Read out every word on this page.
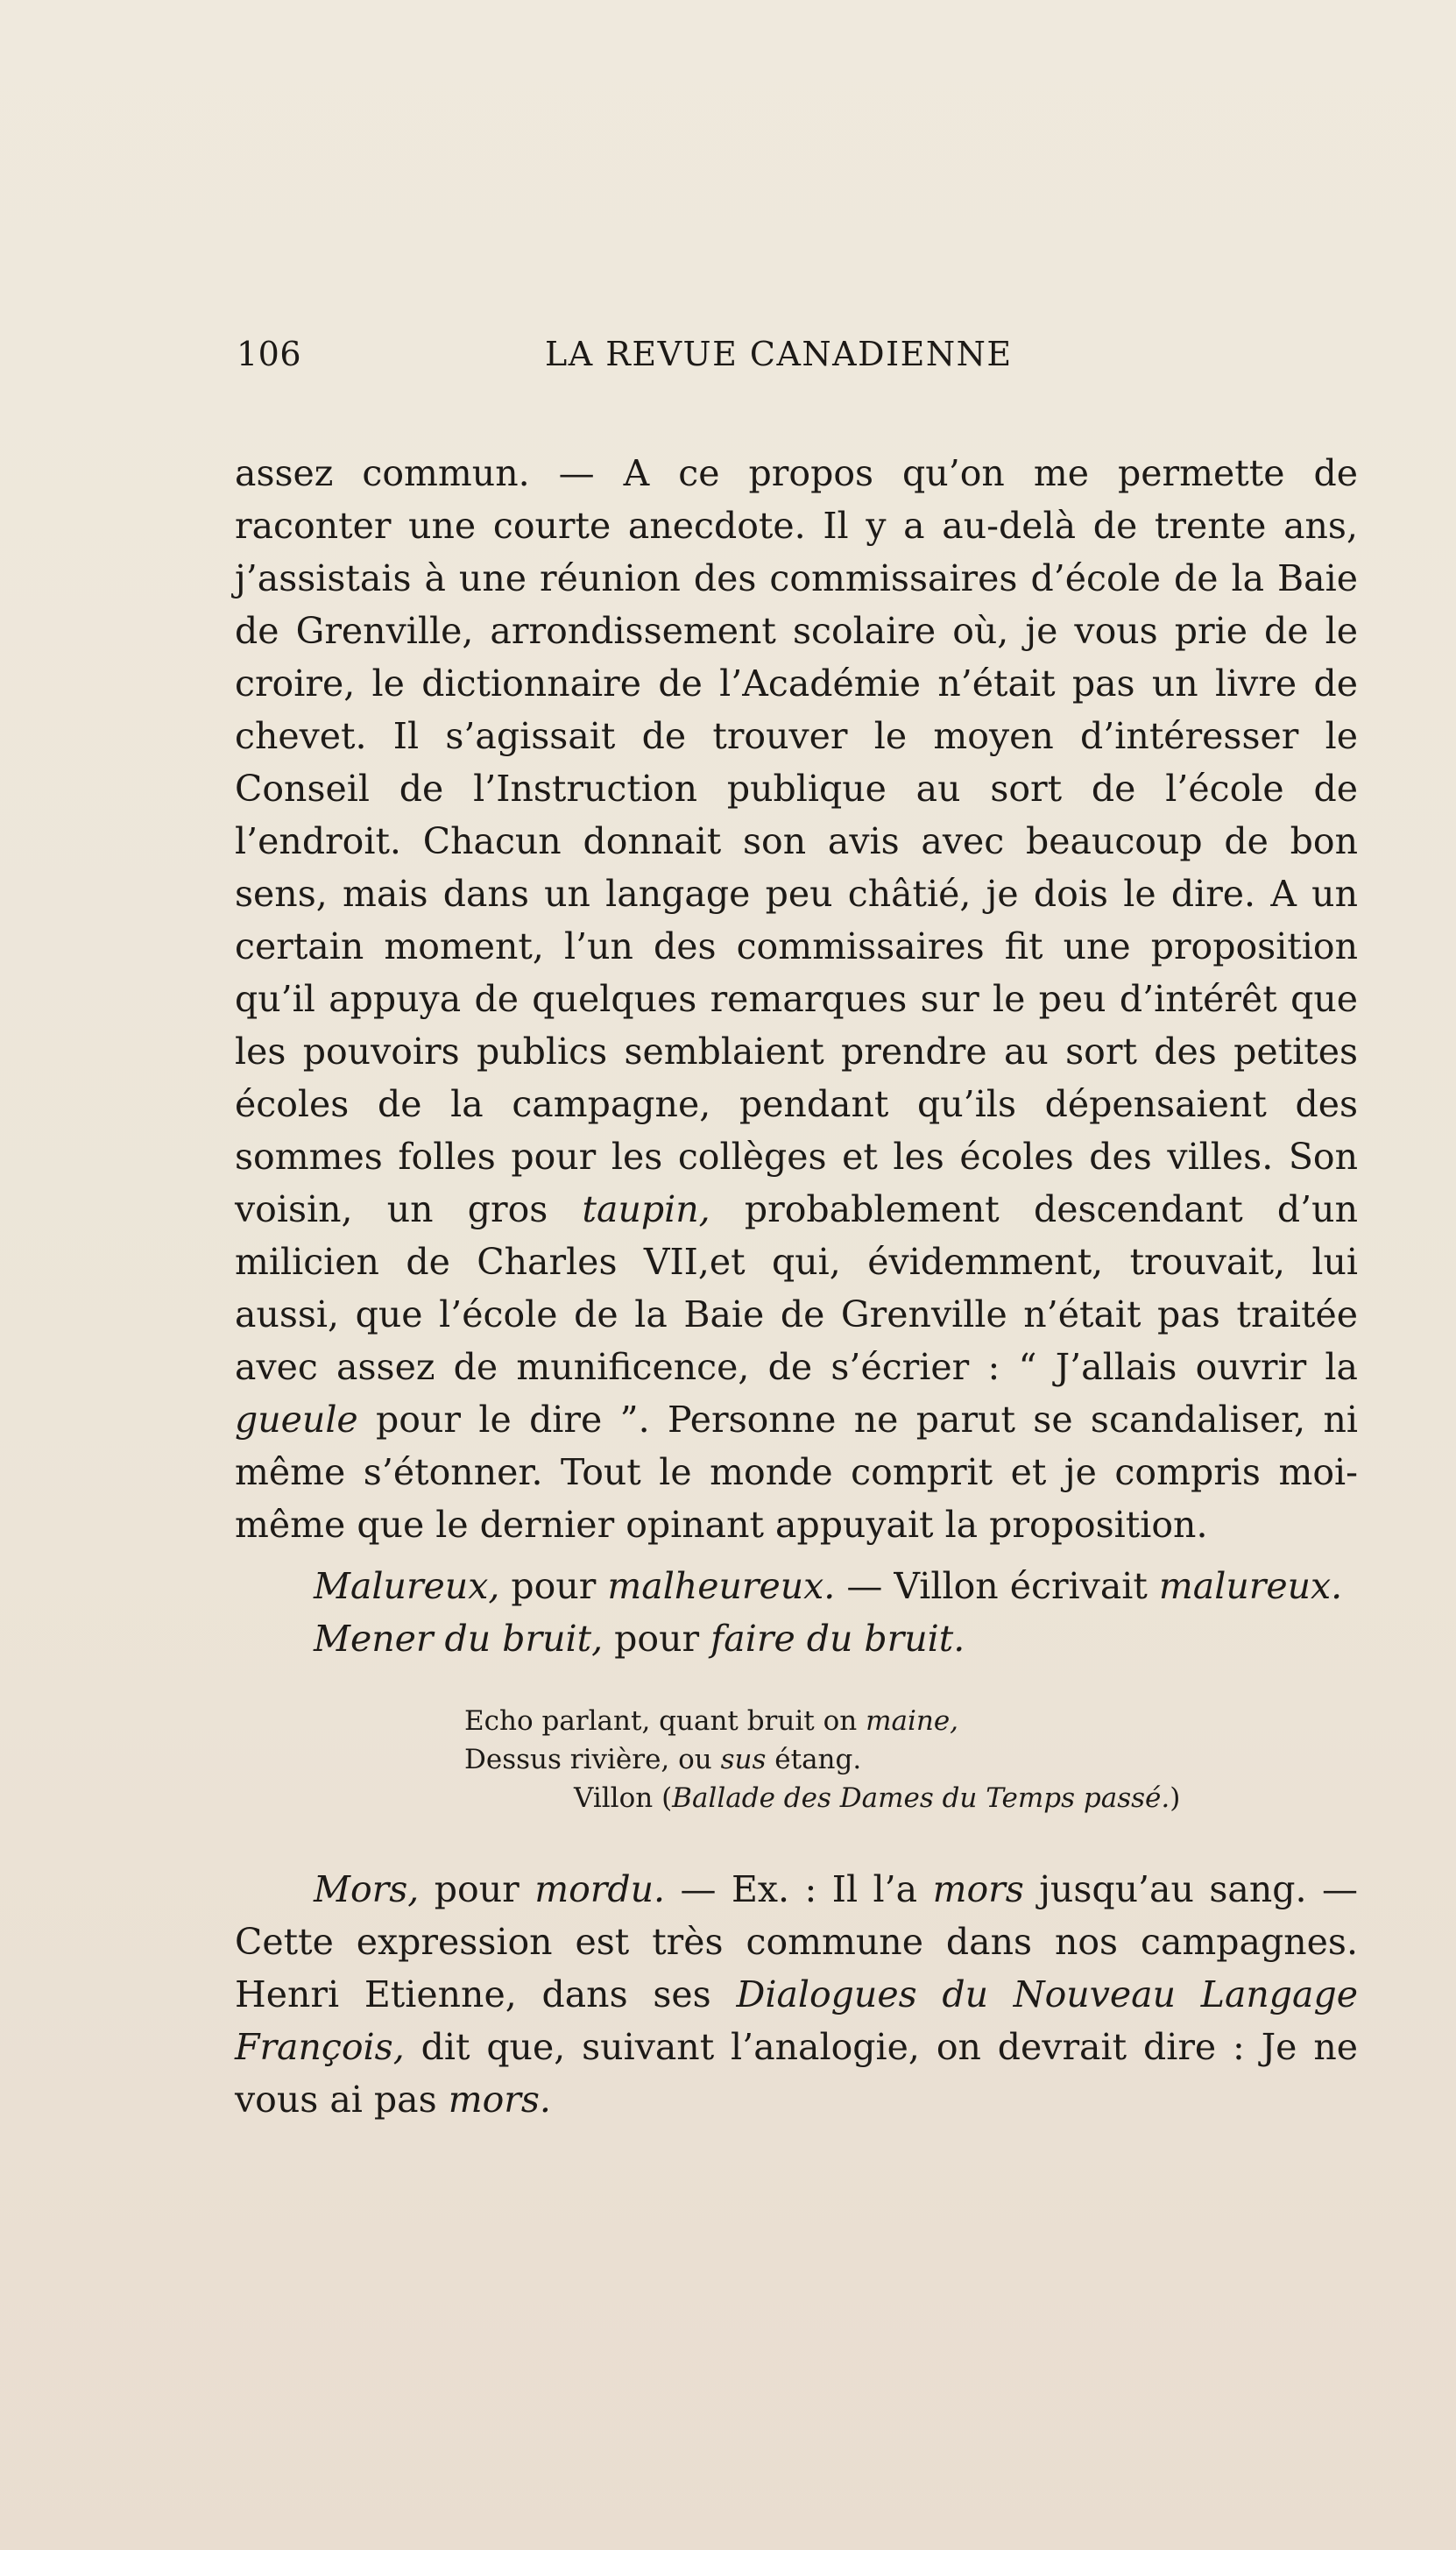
106	LA REVUE CANADIENNE

assez commun. — A ce propos qu’on me permette de raconter une courte anecdote. Il y a au-delà de trente ans, j’assistais à une réunion des commissaires d’école de la Baie de Grenville, arrondissement scolaire où, je vous prie de le croire, le dictionnaire de l’Académie n’était pas un livre de chevet. Il s’agissait de trouver le moyen d’intéresser le Conseil de l’Instruction publique au sort de l’école de l’endroit. Chacun donnait son avis avec beaucoup de bon sens, mais dans un langage peu châtié, je dois le dire. A un certain moment, l’un des commissaires fit une proposition qu’il appuya de quelques remarques sur le peu d’intérêt que les pouvoirs publics semblaient prendre au sort des petites écoles de la campagne, pendant qu’ils dépensaient des sommes folles pour les collèges et les écoles des villes. Son voisin, un gros taupin, probablement descendant d’un milicien de Charles VII,et qui, évidemment, trouvait, lui aussi, que l’école de la Baie de Grenville n’était pas traitée avec assez de munificence, de s’écrier : “ J’allais ouvrir la gueule pour le dire ”. Personne ne parut se scandaliser, ni même s’étonner. Tout le monde comprit et je compris moi-même que le dernier opinant appuyait la proposition.

Malureux, pour malheureux. — Villon écrivait malureux.

Mener du bruit, pour faire du bruit.

Echo parlant, quant bruit on maine,
Dessus rivière, ou sus étang.
Villon (Ballade des Dames du Temps passé.)

Mors, pour mordu. — Ex. : Il l’a mors jusqu’au sang. — Cette expression est très commune dans nos campagnes. Henri Etienne, dans ses Dialogues du Nouveau Langage François, dit que, suivant l’analogie, on devrait dire : Je ne vous ai pas mors.
